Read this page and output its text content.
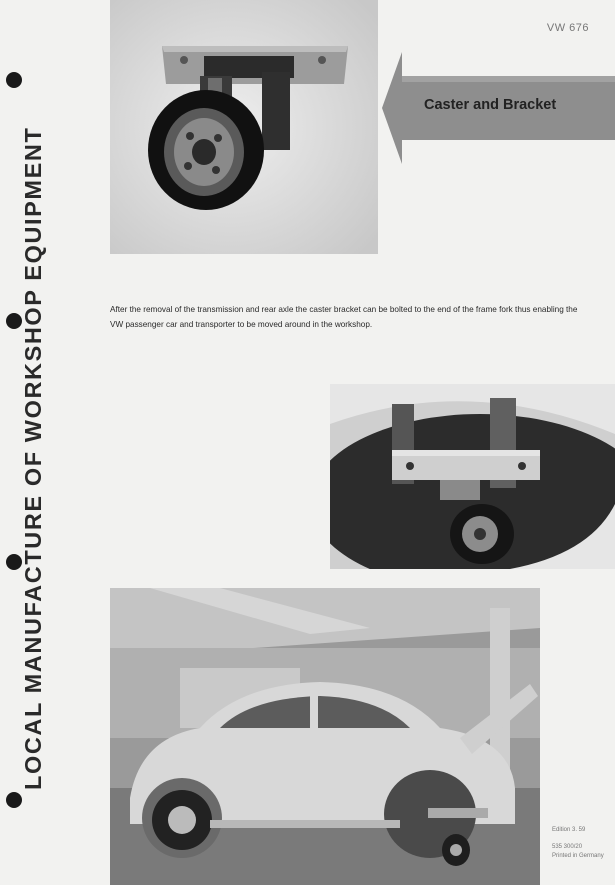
LOCAL MANUFACTURE OF WORKSHOP EQUIPMENT
VW 676
Caster and Bracket

After the removal of the transmission and rear axle the caster bracket can be bolted to the end of the frame fork thus enabling the VW passenger car and transporter to be moved around in the workshop.

Edition 3. 59
535 300/20
Printed in Germany
